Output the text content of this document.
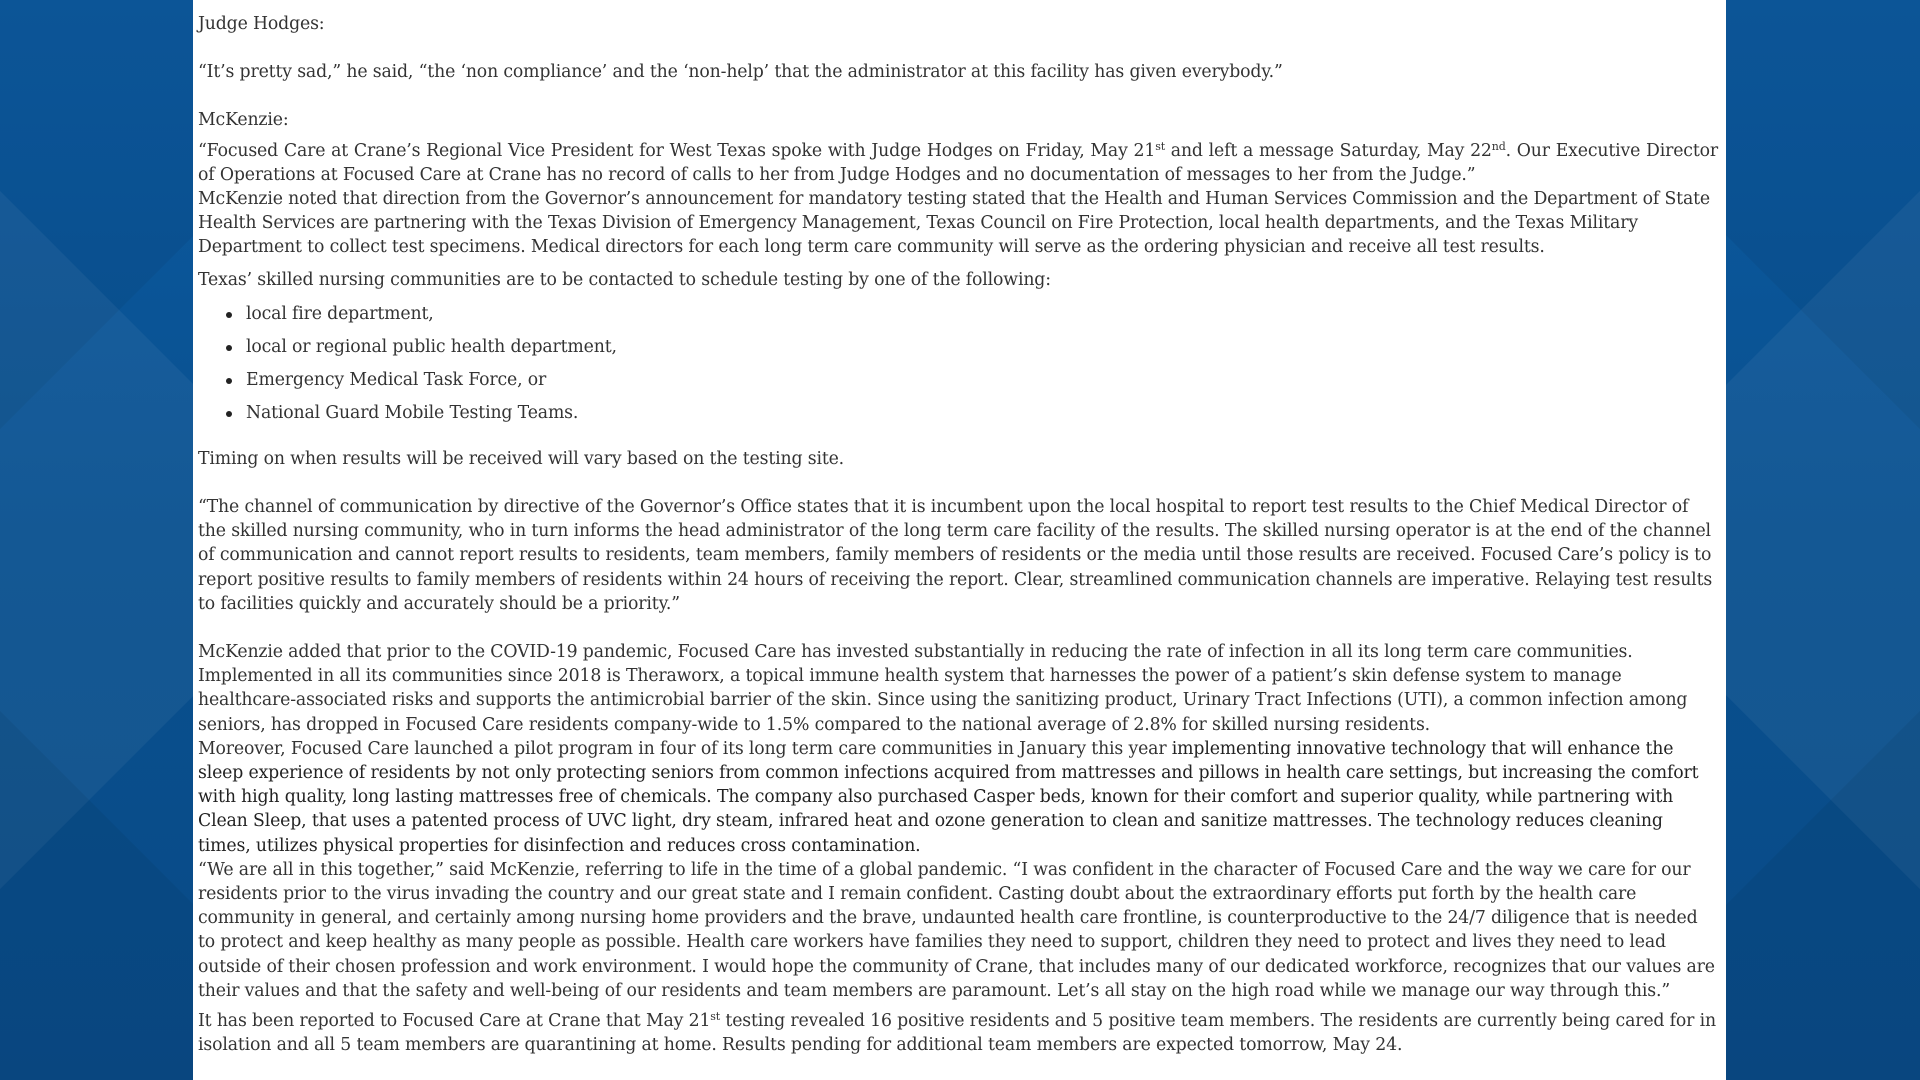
Judge Hodges:

“It’s pretty sad,” he said, “the ‘non compliance’ and the ‘non-help’ that the administrator at this facility has given everybody.”

McKenzie:

“Focused Care at Crane’s Regional Vice President for West Texas spoke with Judge Hodges on Friday, May 21st and left a message Saturday, May 22nd. Our Executive Director of Operations at Focused Care at Crane has no record of calls to her from Judge Hodges and no documentation of messages to her from the Judge.”

McKenzie noted that direction from the Governor’s announcement for mandatory testing stated that the Health and Human Services Commission and the Department of State Health Services are partnering with the Texas Division of Emergency Management, Texas Council on Fire Protection, local health departments, and the Texas Military Department to collect test specimens. Medical directors for each long term care community will serve as the ordering physician and receive all test results.

Texas’ skilled nursing communities are to be contacted to schedule testing by one of the following:

local fire department,
local or regional public health department,
Emergency Medical Task Force, or
National Guard Mobile Testing Teams.

Timing on when results will be received will vary based on the testing site.

“The channel of communication by directive of the Governor’s Office states that it is incumbent upon the local hospital to report test results to the Chief Medical Director of the skilled nursing community, who in turn informs the head administrator of the long term care facility of the results. The skilled nursing operator is at the end of the channel of communication and cannot report results to residents, team members, family members of residents or the media until those results are received. Focused Care’s policy is to report positive results to family members of residents within 24 hours of receiving the report. Clear, streamlined communication channels are imperative. Relaying test results to facilities quickly and accurately should be a priority.”

McKenzie added that prior to the COVID-19 pandemic, Focused Care has invested substantially in reducing the rate of infection in all its long term care communities. Implemented in all its communities since 2018 is Theraworx, a topical immune health system that harnesses the power of a patient’s skin defense system to manage healthcare-associated risks and supports the antimicrobial barrier of the skin. Since using the sanitizing product, Urinary Tract Infections (UTI), a common infection among seniors, has dropped in Focused Care residents company-wide to 1.5% compared to the national average of 2.8% for skilled nursing residents.

Moreover, Focused Care launched a pilot program in four of its long term care communities in January this year implementing innovative technology that will enhance the sleep experience of residents by not only protecting seniors from common infections acquired from mattresses and pillows in health care settings, but increasing the comfort with high quality, long lasting mattresses free of chemicals. The company also purchased Casper beds, known for their comfort and superior quality, while partnering with Clean Sleep, that uses a patented process of UVC light, dry steam, infrared heat and ozone generation to clean and sanitize mattresses. The technology reduces cleaning times, utilizes physical properties for disinfection and reduces cross contamination.

“We are all in this together,” said McKenzie, referring to life in the time of a global pandemic. “I was confident in the character of Focused Care and the way we care for our residents prior to the virus invading the country and our great state and I remain confident. Casting doubt about the extraordinary efforts put forth by the health care community in general, and certainly among nursing home providers and the brave, undaunted health care frontline, is counterproductive to the 24/7 diligence that is needed to protect and keep healthy as many people as possible. Health care workers have families they need to support, children they need to protect and lives they need to lead outside of their chosen profession and work environment. I would hope the community of Crane, that includes many of our dedicated workforce, recognizes that our values are their values and that the safety and well-being of our residents and team members are paramount. Let’s all stay on the high road while we manage our way through this.”

It has been reported to Focused Care at Crane that May 21st testing revealed 16 positive residents and 5 positive team members. The residents are currently being cared for in isolation and all 5 team members are quarantining at home. Results pending for additional team members are expected tomorrow, May 24.
